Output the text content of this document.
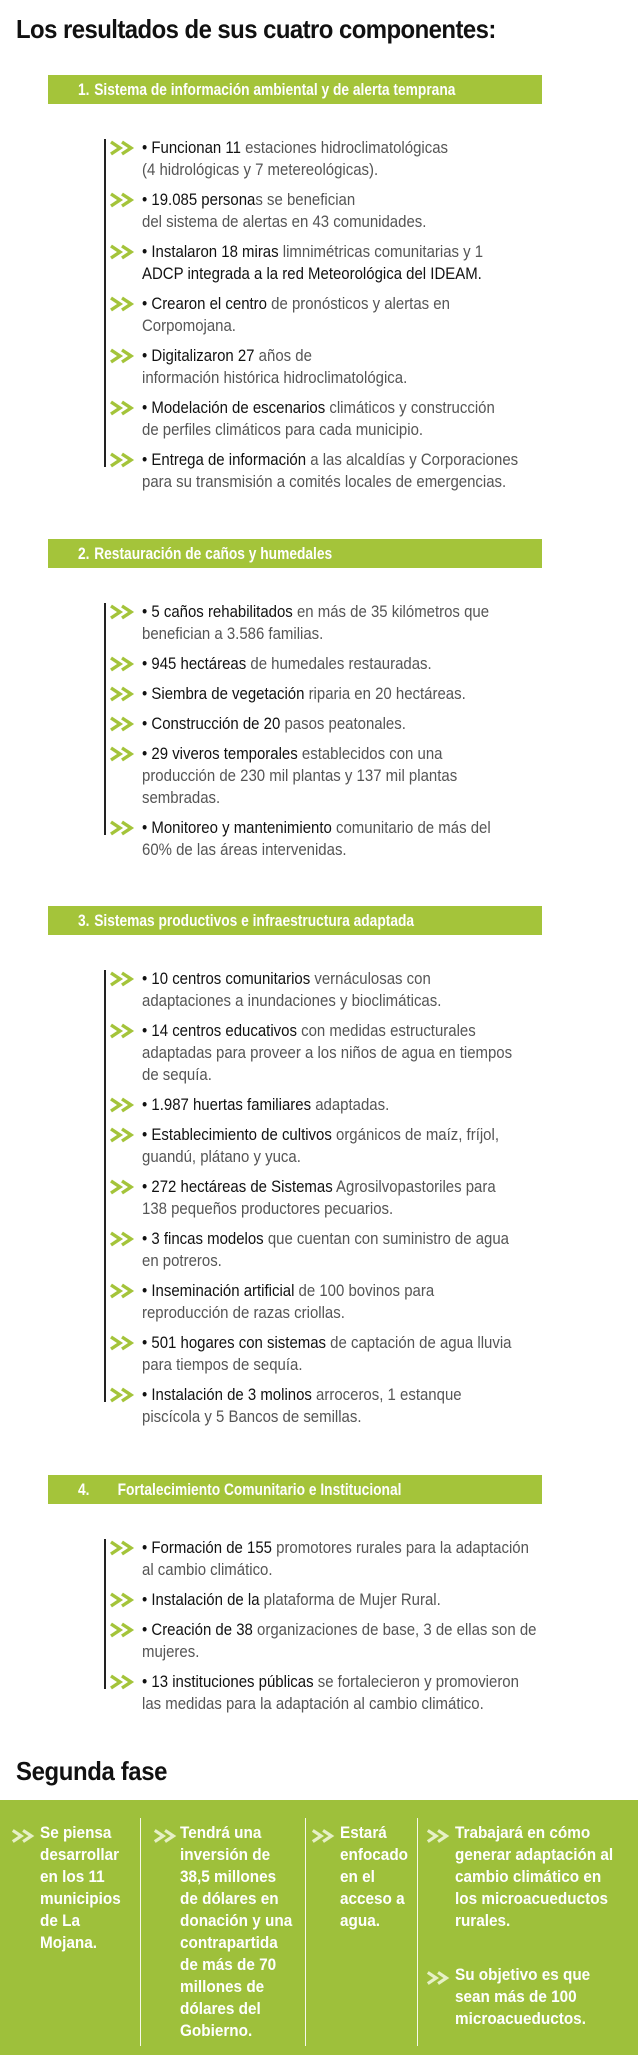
Los resultados de sus cuatro componentes:
1. Sistema de información ambiental y de alerta temprana
• Funcionan 11 estaciones hidroclimatológicas
(4 hidrológicas y 7 metereológicas).
• 19.085 personas se benefician
del sistema de alertas en 43 comunidades.
• Instalaron 18 miras limnimétricas comunitarias y 1
ADCP integrada a la red Meteorológica del IDEAM.
• Crearon el centro de pronósticos y alertas en
Corpomojana.
• Digitalizaron 27 años de
información histórica hidroclimatológica.
• Modelación de escenarios climáticos y construcción
de perfiles climáticos para cada municipio.
• Entrega de información a las alcaldías y Corporaciones
para su transmisión a comités locales de emergencias.
2. Restauración de caños y humedales
• 5 caños rehabilitados en más de 35 kilómetros que
benefician a 3.586 familias.
• 945 hectáreas de humedales restauradas.
• Siembra de vegetación riparia en 20 hectáreas.
• Construcción de 20 pasos peatonales.
• 29 viveros temporales establecidos con una
producción de 230 mil plantas y 137 mil plantas
sembradas.
• Monitoreo y mantenimiento comunitario de más del
60% de las áreas intervenidas.
3. Sistemas productivos e infraestructura adaptada
• 10 centros comunitarios vernáculosas con
adaptaciones a inundaciones y bioclimáticas.
• 14 centros educativos con medidas estructurales
adaptadas para proveer a los niños de agua en tiempos
de sequía.
• 1.987 huertas familiares adaptadas.
• Establecimiento de cultivos orgánicos de maíz, fríjol,
guandú, plátano y yuca.
• 272 hectáreas de Sistemas Agrosilvopastoriles para
138 pequeños productores pecuarios.
• 3 fincas modelos que cuentan con suministro de agua
en potreros.
• Inseminación artificial de 100 bovinos para
reproducción de razas criollas.
• 501 hogares con sistemas de captación de agua lluvia
para tiempos de sequía.
• Instalación de 3 molinos arroceros, 1 estanque
piscícola y 5 Bancos de semillas.
4. Fortalecimiento Comunitario e Institucional
• Formación de 155 promotores rurales para la adaptación
al cambio climático.
• Instalación de la plataforma de Mujer Rural.
• Creación de 38 organizaciones de base, 3 de ellas son de
mujeres.
• 13 instituciones públicas se fortalecieron y promovieron
las medidas para la adaptación al cambio climático.
Segunda fase
Se piensa
desarrollar
en los 11
municipios
de La
Mojana.
Tendrá una
inversión de
38,5 millones
de dólares en
donación y una
contrapartida
de más de 70
millones de
dólares del
Gobierno.
Estará
enfocado
en el
acceso a
agua.
Trabajará en cómo
generar adaptación al
cambio climático en
los microacueductos
rurales.
Su objetivo es que
sean más de 100
microacueductos.
